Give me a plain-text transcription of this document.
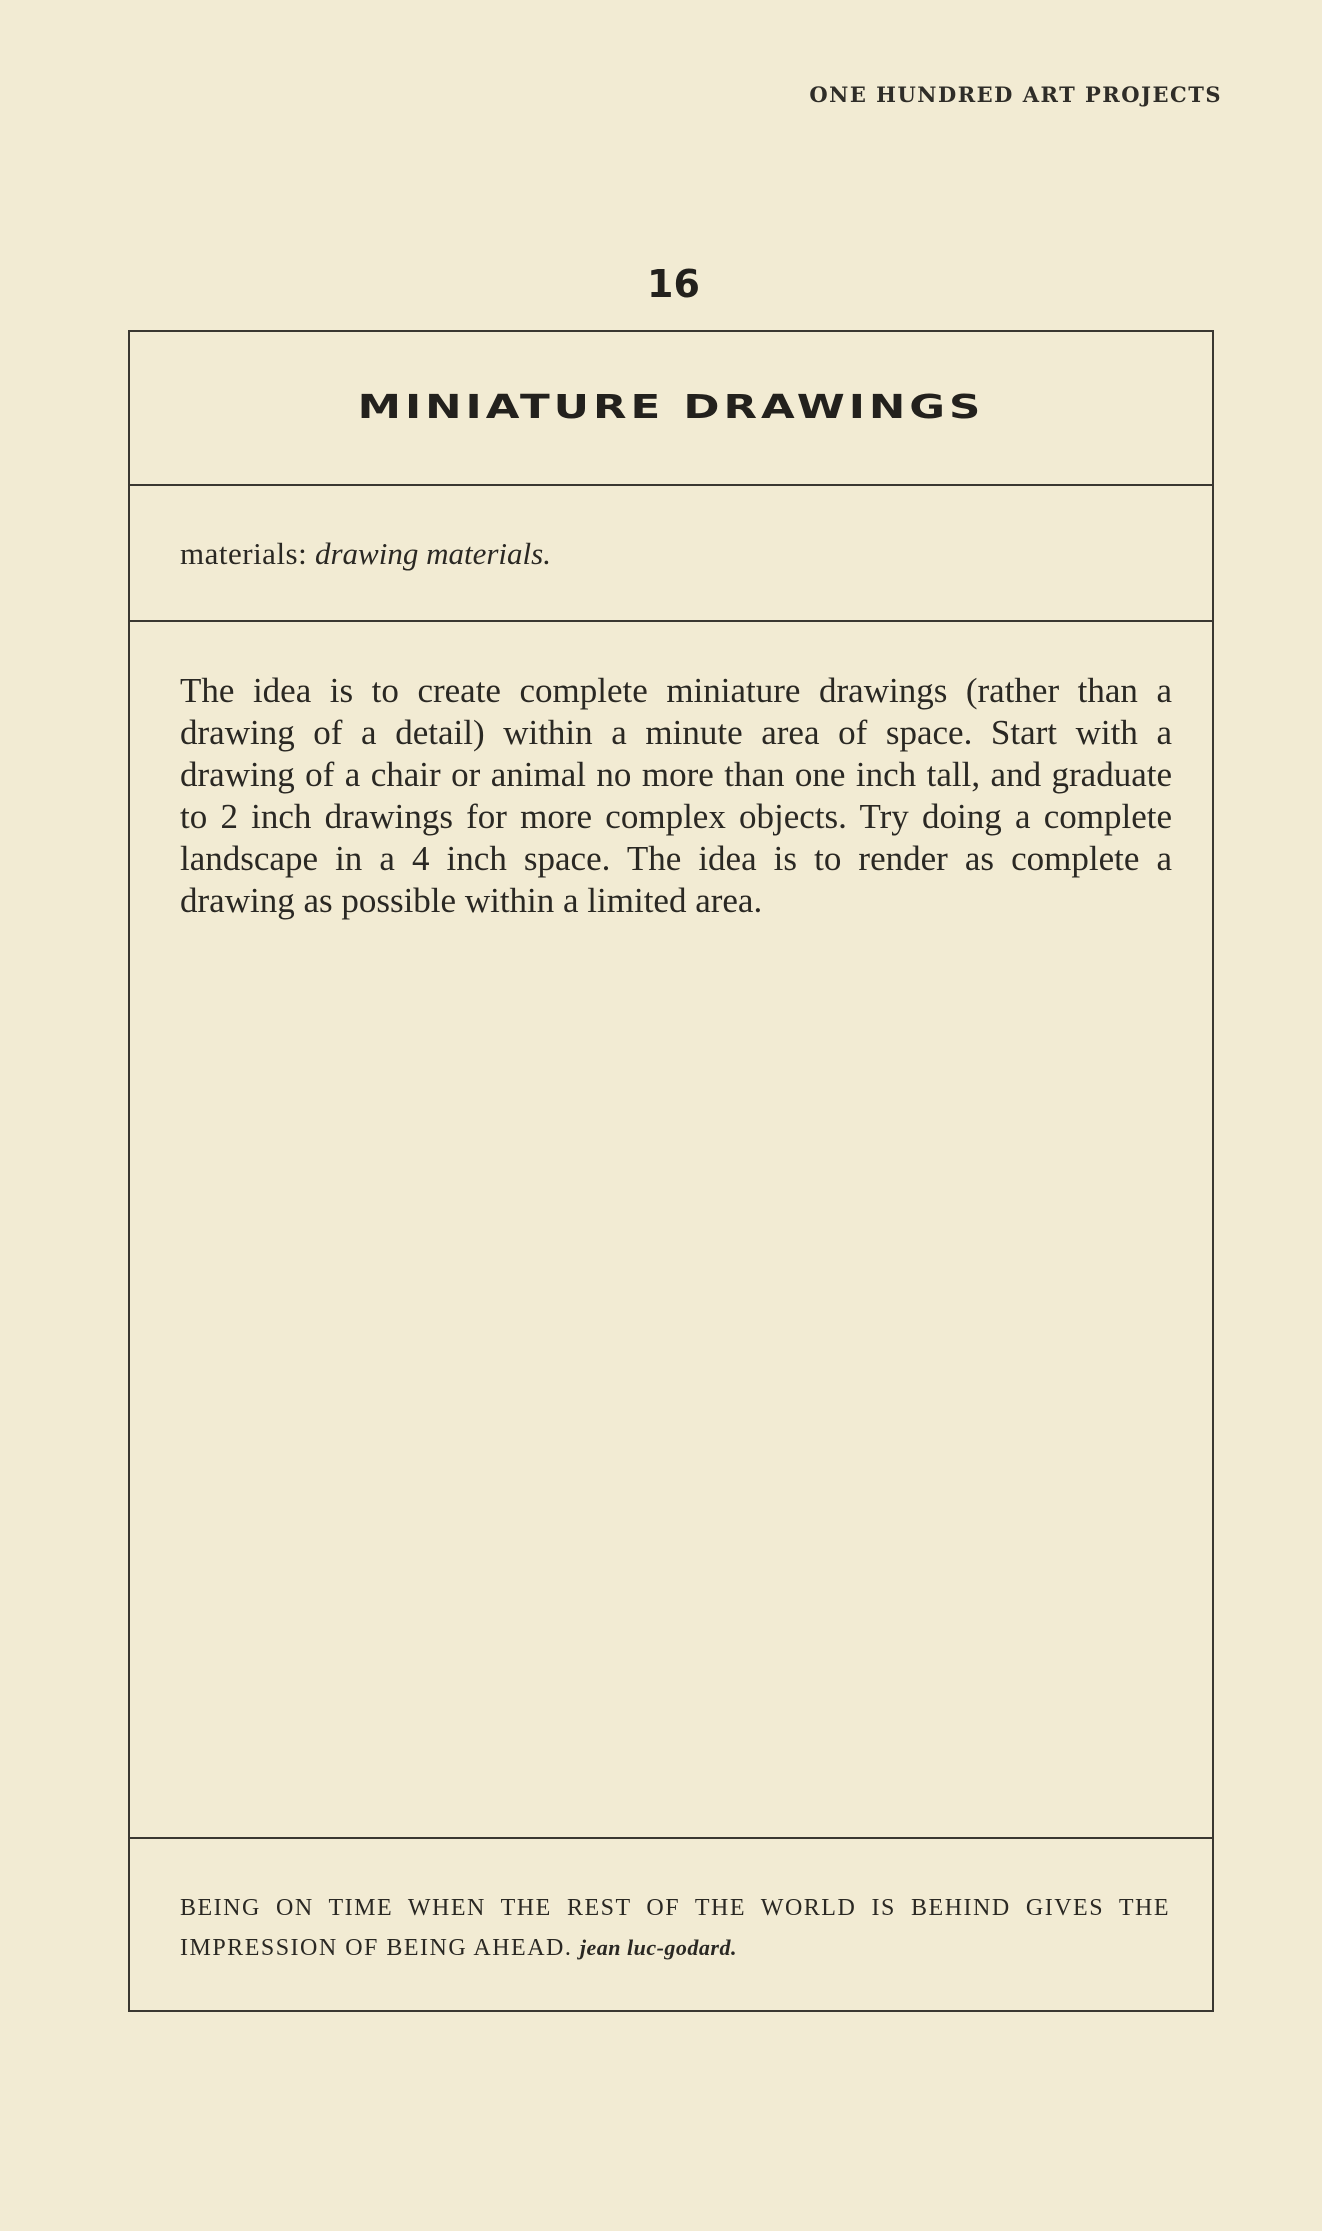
ONE HUNDRED ART PROJECTS
16
MINIATURE DRAWINGS
materials: drawing materials.
The idea is to create complete miniature drawings (rather than a drawing of a detail) within a minute area of space. Start with a drawing of a chair or animal no more than one inch tall, and graduate to 2 inch drawings for more complex objects. Try doing a complete landscape in a 4 inch space. The idea is to render as complete a drawing as possible within a limited area.
BEING ON TIME WHEN THE REST OF THE WORLD IS BEHIND GIVES THE IMPRESSION OF BEING AHEAD. jean luc-godard.
